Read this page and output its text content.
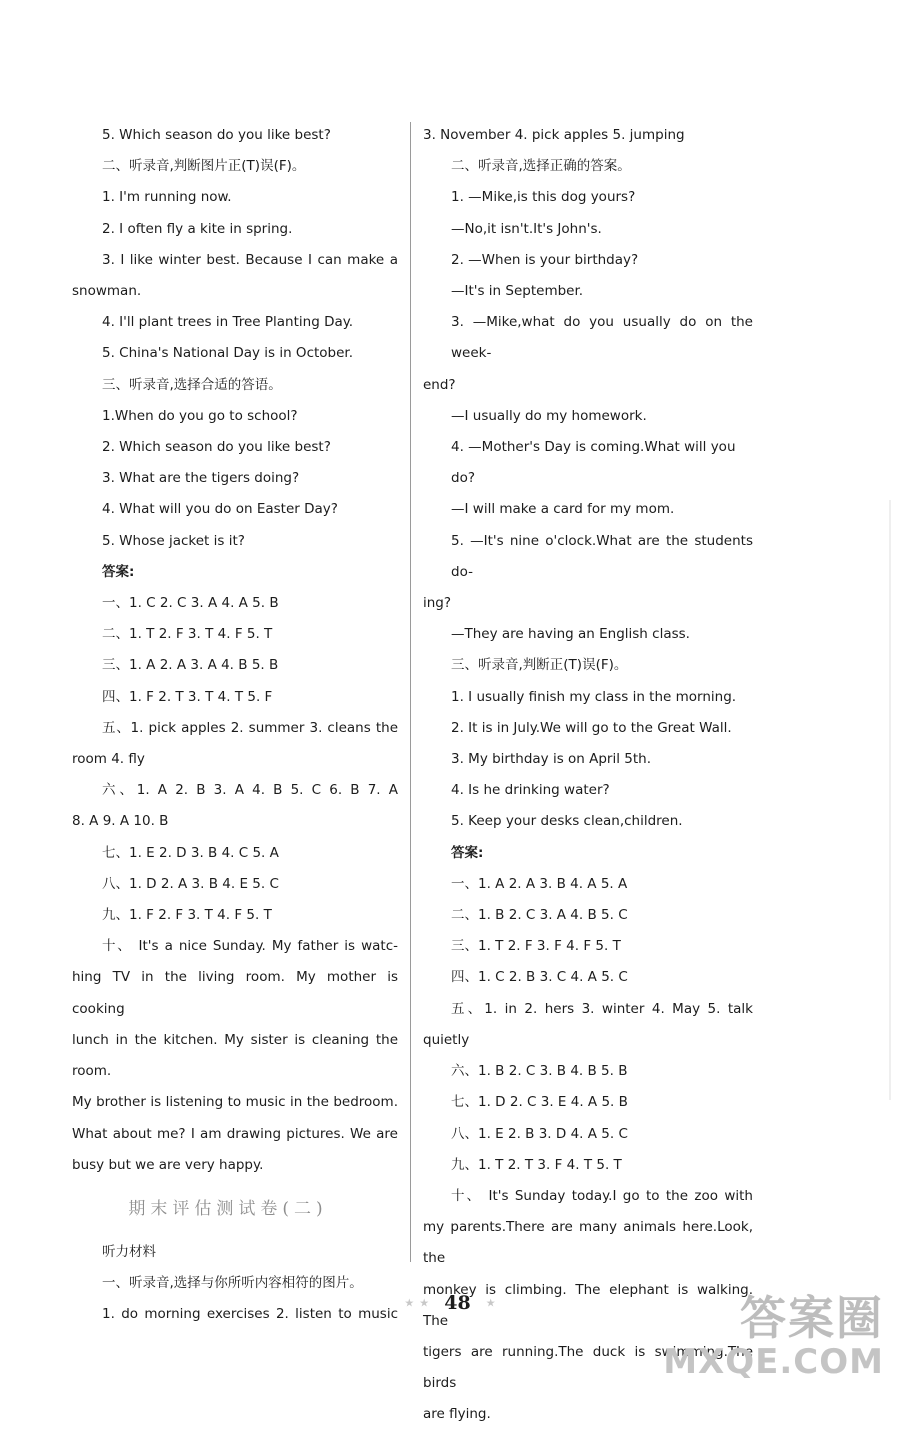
5. Which season do you like best?

二、听录音,判断图片正(T)误(F)。

1. I'm running now.

2. I often fly a kite in spring.

3. I like winter best. Because I can make a

snowman.

4. I'll plant trees in Tree Planting Day.

5. China's National Day is in October.

三、听录音,选择合适的答语。

1.When do you go to school?

2. Which season do you like best?

3. What are the tigers doing?

4. What will you do on Easter Day?

5. Whose jacket is it?

答案:

一、1. C 2. C 3. A 4. A 5. B

二、1. T 2. F 3. T 4. F 5. T

三、1. A 2. A 3. A 4. B 5. B

四、1. F 2. T 3. T 4. T 5. F

五、1. pick apples 2. summer 3. cleans the

room 4. fly

六、1. A 2. B 3. A 4. B 5. C 6. B 7. A

8. A 9. A 10. B

七、1. E 2. D 3. B 4. C 5. A

八、1. D 2. A 3. B 4. E 5. C

九、1. F 2. F 3. T 4. F 5. T

十、 It's a nice Sunday. My father is watc-

hing TV in the living room. My mother is cooking

lunch in the kitchen. My sister is cleaning the room.

My brother is listening to music in the bedroom.

What about me? I am drawing pictures. We are

busy but we are very happy.

期末评估测试卷(二)

听力材料

一、听录音,选择与你所听内容相符的图片。

1. do morning exercises 2. listen to music

3. November 4. pick apples 5. jumping

二、听录音,选择正确的答案。

1. —Mike,is this dog yours?

—No,it isn't.It's John's.

2. —When is your birthday?

—It's in September.

3. —Mike,what do you usually do on the week-

end?

—I usually do my homework.

4. —Mother's Day is coming.What will you do?

—I will make a card for my mom.

5. —It's nine o'clock.What are the students do-

ing?

—They are having an English class.

三、听录音,判断正(T)误(F)。

1. I usually finish my class in the morning.

2. It is in July.We will go to the Great Wall.

3. My birthday is on April 5th.

4. Is he drinking water?

5. Keep your desks clean,children.

答案:

一、1. A 2. A 3. B 4. A 5. A

二、1. B 2. C 3. A 4. B 5. C

三、1. T 2. F 3. F 4. F 5. T

四、1. C 2. B 3. C 4. A 5. C

五、1. in 2. hers 3. winter 4. May 5. talk

quietly

六、1. B 2. C 3. B 4. B 5. B

七、1. D 2. C 3. E 4. A 5. B

八、1. E 2. B 3. D 4. A 5. C

九、1. T 2. T 3. F 4. T 5. T

十、 It's Sunday today.I go to the zoo with

my parents.There are many animals here.Look, the

monkey is climbing. The elephant is walking. The

tigers are running.The duck is swimming.The birds

are flying.

★ ★ 48 ★	答案圈
MXQE.COM
